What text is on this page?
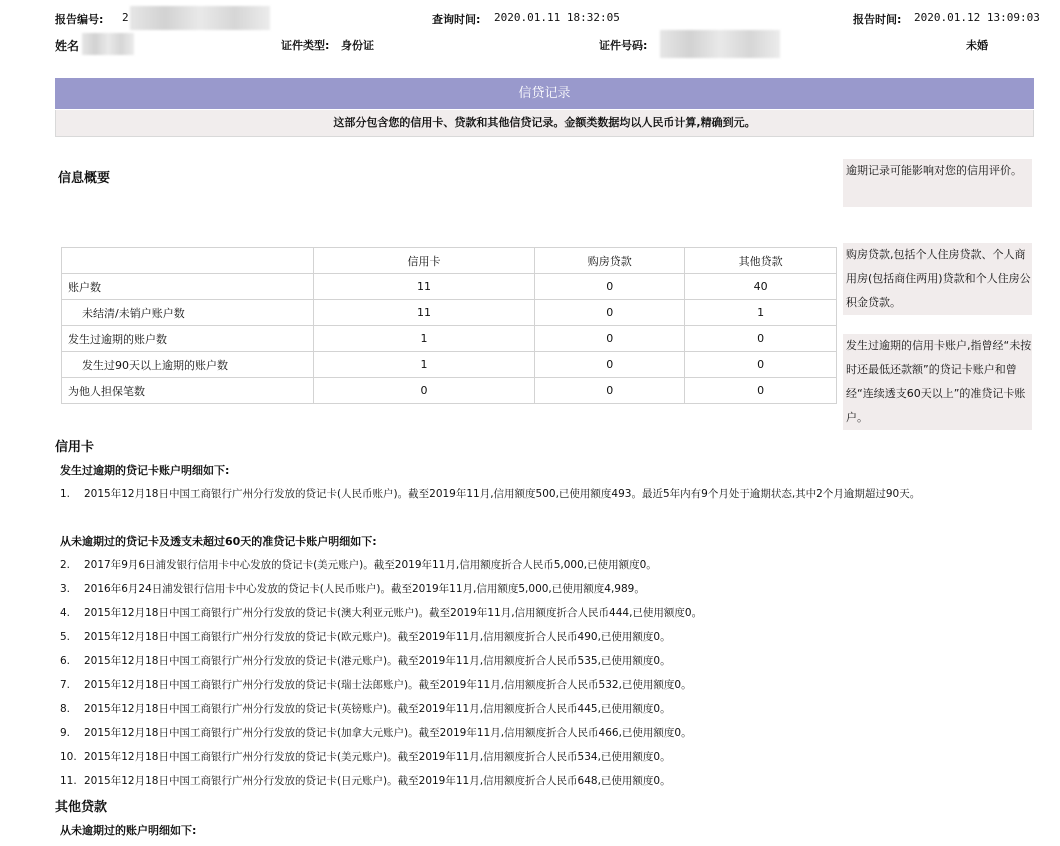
报告编号: 2	查询时间: 2020.01.11 18:32:05	报告时间: 2020.01.12 13:09:03
姓名	证件类型: 身份证	证件号码:	未婚
信贷记录
这部分包含您的信用卡、贷款和其他信贷记录。金额类数据均以人民币计算,精确到元。
信息概要
逾期记录可能影响对您的信用评价。
购房贷款,包括个人住房贷款、个人商用房(包括商住两用)贷款和个人住房公积金贷款。
发生过逾期的信用卡账户,指曾经“未按时还最低还款额”的贷记卡账户和曾经“连续透支60天以上”的准贷记卡账户。
	信用卡	购房贷款	其他贷款
账户数	11	0	40
未结清/未销户账户数	11	0	1
发生过逾期的账户数	1	0	0
发生过90天以上逾期的账户数	1	0	0
为他人担保笔数	0	0	0
信用卡
发生过逾期的贷记卡账户明细如下:
1. 2015年12月18日中国工商银行广州分行发放的贷记卡(人民币账户)。截至2019年11月,信用额度500,已使用额度493。最近5年内有9个月处于逾期状态,其中2个月逾期超过90天。
从未逾期过的贷记卡及透支未超过60天的准贷记卡账户明细如下:
2. 2017年9月6日浦发银行信用卡中心发放的贷记卡(美元账户)。截至2019年11月,信用额度折合人民币5,000,已使用额度0。
3. 2016年6月24日浦发银行信用卡中心发放的贷记卡(人民币账户)。截至2019年11月,信用额度5,000,已使用额度4,989。
4. 2015年12月18日中国工商银行广州分行发放的贷记卡(澳大利亚元账户)。截至2019年11月,信用额度折合人民币444,已使用额度0。
5. 2015年12月18日中国工商银行广州分行发放的贷记卡(欧元账户)。截至2019年11月,信用额度折合人民币490,已使用额度0。
6. 2015年12月18日中国工商银行广州分行发放的贷记卡(港元账户)。截至2019年11月,信用额度折合人民币535,已使用额度0。
7. 2015年12月18日中国工商银行广州分行发放的贷记卡(瑞士法郎账户)。截至2019年11月,信用额度折合人民币532,已使用额度0。
8. 2015年12月18日中国工商银行广州分行发放的贷记卡(英镑账户)。截至2019年11月,信用额度折合人民币445,已使用额度0。
9. 2015年12月18日中国工商银行广州分行发放的贷记卡(加拿大元账户)。截至2019年11月,信用额度折合人民币466,已使用额度0。
10. 2015年12月18日中国工商银行广州分行发放的贷记卡(美元账户)。截至2019年11月,信用额度折合人民币534,已使用额度0。
11. 2015年12月18日中国工商银行广州分行发放的贷记卡(日元账户)。截至2019年11月,信用额度折合人民币648,已使用额度0。
其他贷款
从未逾期过的账户明细如下:
